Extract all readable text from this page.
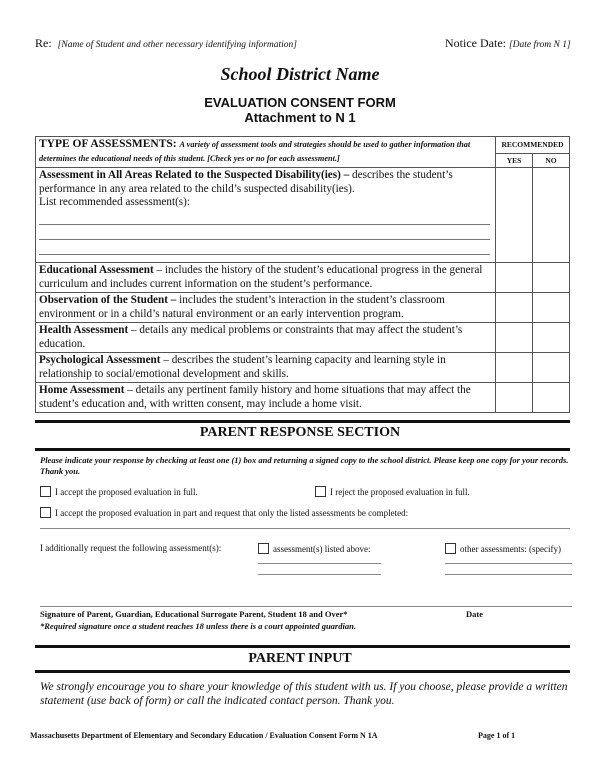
Re: [Name of Student and other necessary identifying information]	Notice Date: [Date from N 1]
School District Name
EVALUATION CONSENT FORM
Attachment to N 1
TYPE OF ASSESSMENTS: A variety of assessment tools and strategies should be used to gather information that determines the educational needs of this student. [Check yes or no for each assessment.]	RECOMMENDED	
	YES	NO
Assessment in All Areas Related to the Suspected Disability(ies) – describes the student’s performance in any area related to the child’s suspected disability(ies).
List recommended assessment(s):

Educational Assessment – includes the history of the student’s educational progress in the general curriculum and includes current information on the student’s performance.		
Observation of the Student – includes the student’s interaction in the student’s classroom environment or in a child’s natural environment or an early intervention program.		
Health Assessment – details any medical problems or constraints that may affect the student’s education.		
Psychological Assessment – describes the student’s learning capacity and learning style in relationship to social/emotional development and skills.		
Home Assessment – details any pertinent family history and home situations that may affect the student’s education and, with written consent, may include a home visit.		
PARENT RESPONSE SECTION
Please indicate your response by checking at least one (1) box and returning a signed copy to the school district. Please keep one copy for your records. Thank you.
I accept the proposed evaluation in full.	I reject the proposed evaluation in full.
I accept the proposed evaluation in part and request that only the listed assessments be completed:
I additionally request the following assessment(s):	assessment(s) listed above:	other assessments: (specify)
Signature of Parent, Guardian, Educational Surrogate Parent, Student 18 and Over*	Date
*Required signature once a student reaches 18 unless there is a court appointed guardian.
PARENT INPUT
We strongly encourage you to share your knowledge of this student with us. If you choose, please provide a written statement (use back of form) or call the indicated contact person. Thank you.
Massachusetts Department of Elementary and Secondary Education / Evaluation Consent Form N 1A	Page 1 of 1
